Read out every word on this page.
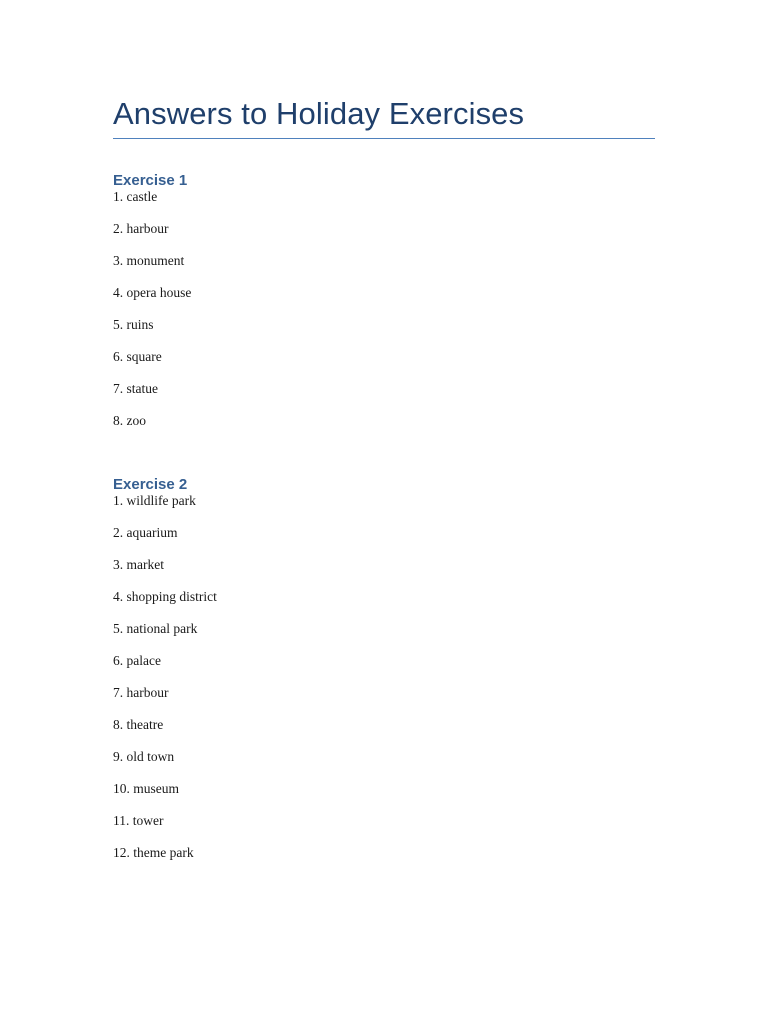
Answers to Holiday Exercises
Exercise 1
1. castle
2. harbour
3. monument
4. opera house
5. ruins
6. square
7. statue
8. zoo
Exercise 2
1. wildlife park
2. aquarium
3. market
4. shopping district
5. national park
6. palace
7. harbour
8. theatre
9. old town
10. museum
11. tower
12. theme park
